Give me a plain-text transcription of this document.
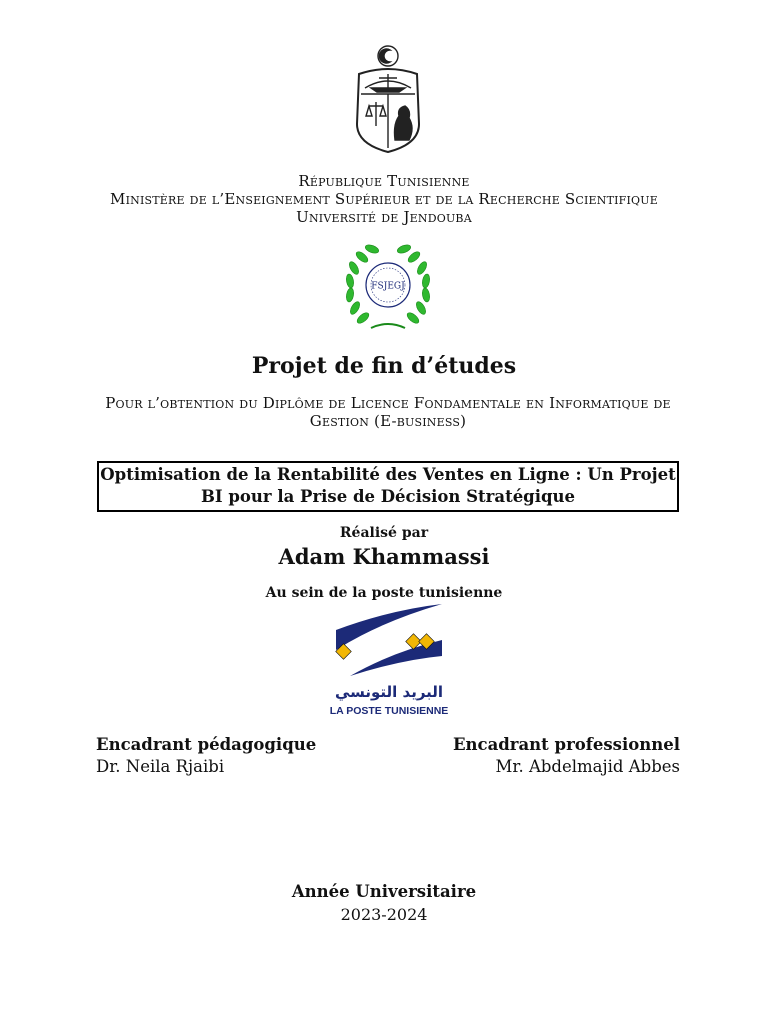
République Tunisienne
Ministère de l’Enseignement Supérieur et de la Recherche Scientifique
Université de Jendouba
FSJEGJ
Projet de fin d’études
Pour l’obtention du Diplôme de Licence Fondamentale en Informatique de Gestion (E-business)
Optimisation de la Rentabilité des Ventes en Ligne : Un Projet
BI pour la Prise de Décision Stratégique
Réalisé par
Adam Khammassi
Au sein de la poste tunisienne
البريد التونسي
LA POSTE TUNISIENNE
Encadrant pédagogique
Dr. Neila Rjaibi
Encadrant professionnel
Mr. Abdelmajid Abbes
Année Universitaire
2023-2024
